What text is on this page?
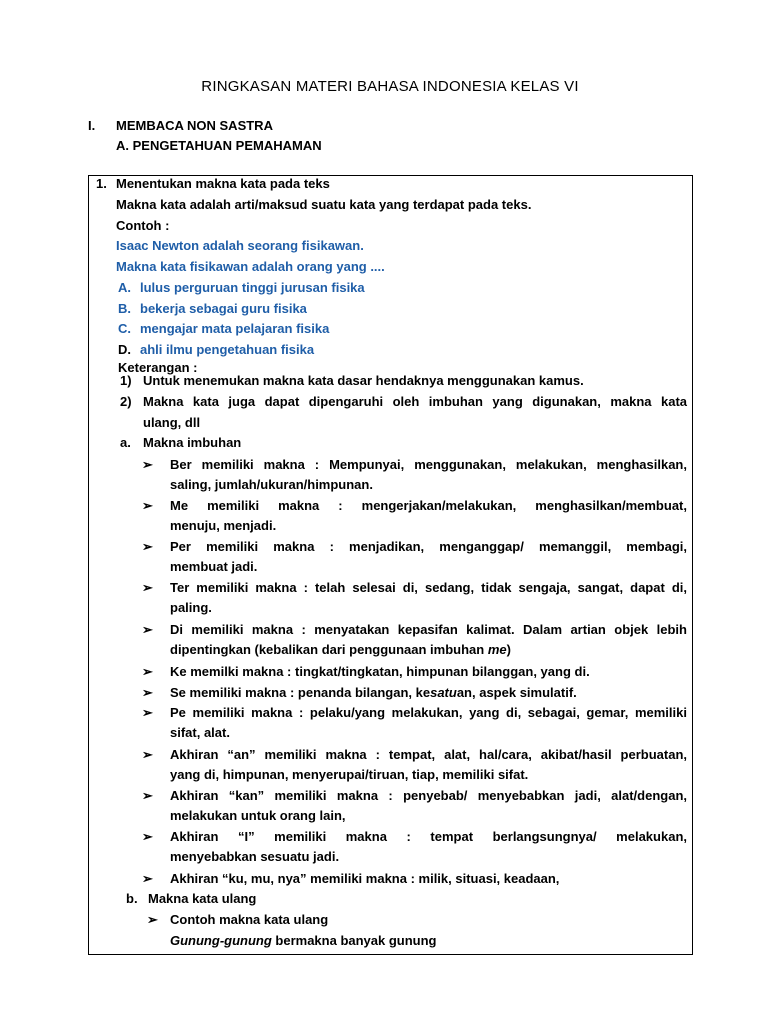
RINGKASAN MATERI BAHASA INDONESIA KELAS VI
I. MEMBACA NON SASTRA
A. PENGETAHUAN PEMAHAMAN
1. Menentukan makna kata pada teks
Makna kata adalah arti/maksud suatu kata yang terdapat pada teks.
Contoh :
Isaac Newton adalah seorang fisikawan.
Makna kata fisikawan adalah orang yang ....
A. lulus perguruan tinggi jurusan fisika
B. bekerja sebagai guru fisika
C. mengajar mata pelajaran fisika
D. ahli ilmu pengetahuan fisika
Keterangan :
1) Untuk menemukan makna kata dasar hendaknya menggunakan kamus.
2) Makna kata juga dapat dipengaruhi oleh imbuhan yang digunakan, makna kata
ulang, dll
a. Makna imbuhan
➢ Ber memiliki makna : Mempunyai, menggunakan, melakukan, menghasilkan,
saling, jumlah/ukuran/himpunan.
➢ Me memiliki makna : mengerjakan/melakukan, menghasilkan/membuat,
menuju, menjadi.
➢ Per memiliki makna : menjadikan, menganggap/ memanggil, membagi,
membuat jadi.
➢ Ter memiliki makna : telah selesai di, sedang, tidak sengaja, sangat, dapat di,
paling.
➢ Di memiliki makna : menyatakan kepasifan kalimat. Dalam artian objek lebih
dipentingkan (kebalikan dari penggunaan imbuhan me)
➢ Ke memilki makna : tingkat/tingkatan, himpunan bilanggan, yang di.
➢ Se memiliki makna : penanda bilangan, kesatuan, aspek simulatif.
➢ Pe memiliki makna : pelaku/yang melakukan, yang di, sebagai, gemar, memiliki
sifat, alat.
➢ Akhiran “an” memiliki makna : tempat, alat, hal/cara, akibat/hasil perbuatan,
yang di, himpunan, menyerupai/tiruan, tiap, memiliki sifat.
➢ Akhiran “kan” memiliki makna : penyebab/ menyebabkan jadi, alat/dengan,
melakukan untuk orang lain,
➢ Akhiran “I” memiliki makna : tempat berlangsungnya/ melakukan,
menyebabkan sesuatu jadi.
➢ Akhiran “ku, mu, nya” memiliki makna : milik, situasi, keadaan,
b. Makna kata ulang
➢ Contoh makna kata ulang
Gunung-gunung bermakna banyak gunung
